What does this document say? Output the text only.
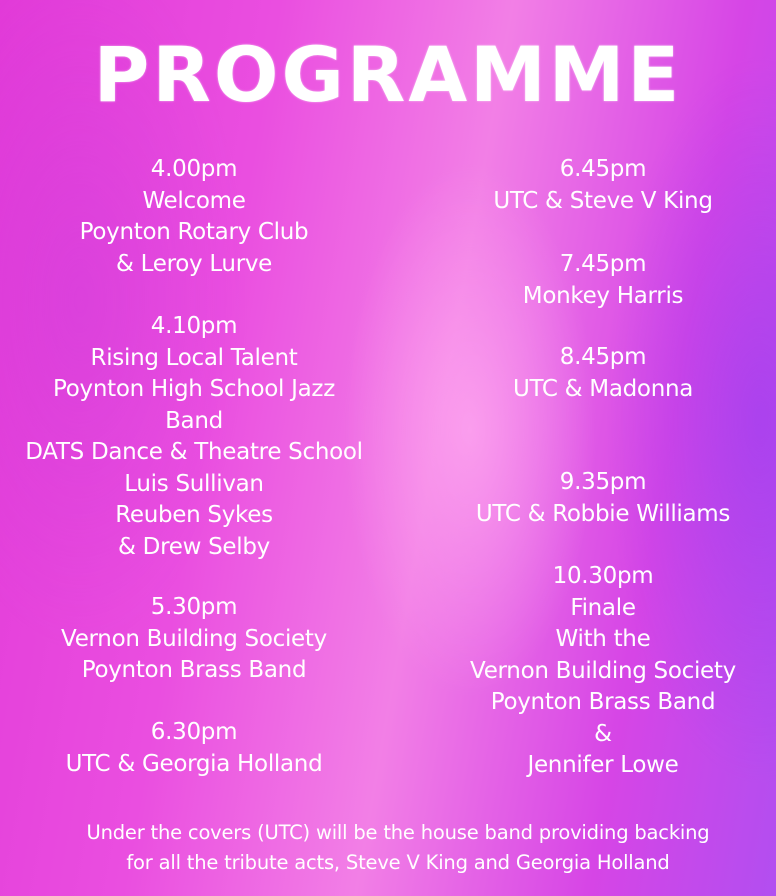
PROGRAMME
4.00pm
Welcome
Poynton Rotary Club
& Leroy Lurve
4.10pm
Rising Local Talent
Poynton High School Jazz
Band
DATS Dance & Theatre School
Luis Sullivan
Reuben Sykes
& Drew Selby
5.30pm
Vernon Building Society
Poynton Brass Band
6.30pm
UTC & Georgia Holland
6.45pm
UTC & Steve V King
7.45pm
Monkey Harris
8.45pm
UTC & Madonna
9.35pm
UTC & Robbie Williams
10.30pm
Finale
With the
Vernon Building Society
Poynton Brass Band
&
Jennifer Lowe
Under the covers (UTC) will be the house band providing backing
for all the tribute acts, Steve V King and Georgia Holland
